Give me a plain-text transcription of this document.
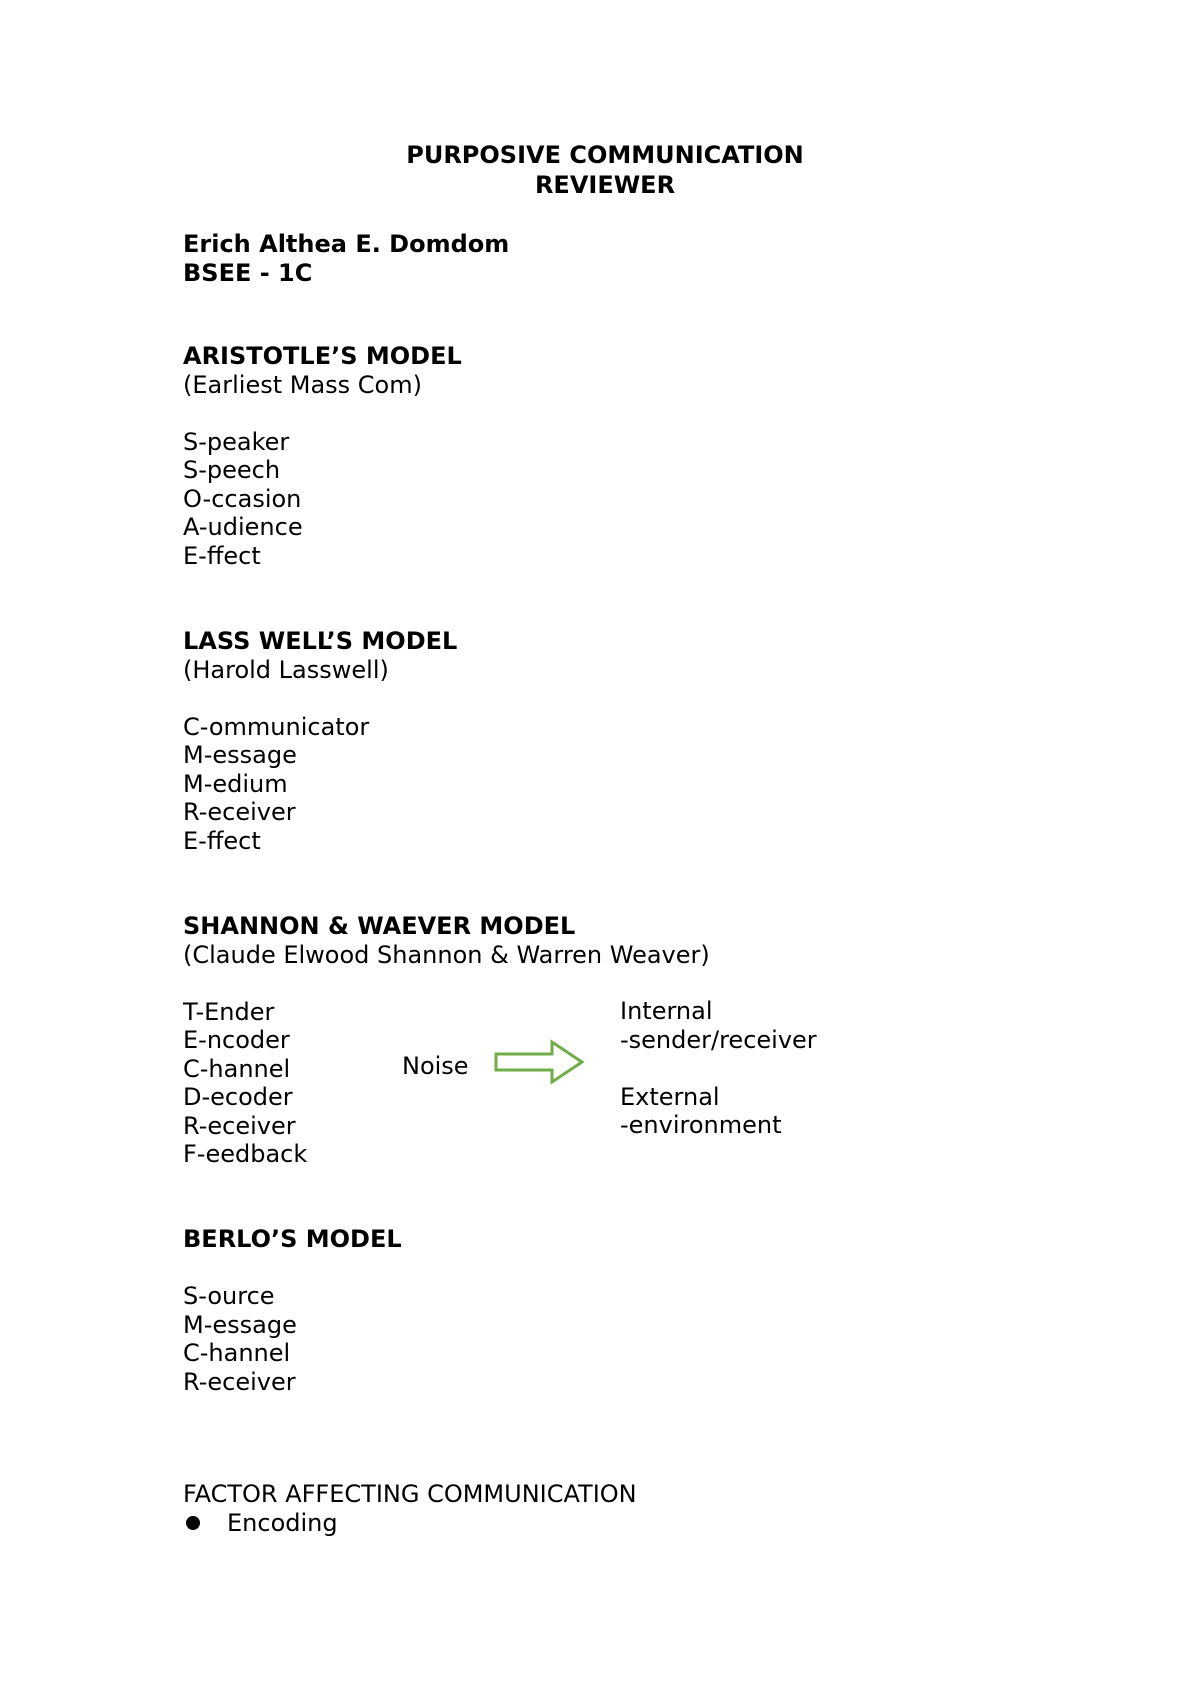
PURPOSIVE COMMUNICATION
REVIEWER
Erich Althea E. Domdom
BSEE - 1C
ARISTOTLE’S MODEL
(Earliest Mass Com)
S-peaker
S-peech
O-ccasion
A-udience
E-ffect
LASS WELL’S MODEL
(Harold Lasswell)
C-ommunicator
M-essage
M-edium
R-eceiver
E-ffect
SHANNON & WAEVER MODEL
(Claude Elwood Shannon & Warren Weaver)
T-Ender
E-ncoder
C-hannel
D-ecoder
R-eceiver
F-eedback
Noise
Internal
-sender/receiver
External
-environment
BERLO’S MODEL
S-ource
M-essage
C-hannel
R-eceiver
FACTOR AFFECTING COMMUNICATION
Encoding
